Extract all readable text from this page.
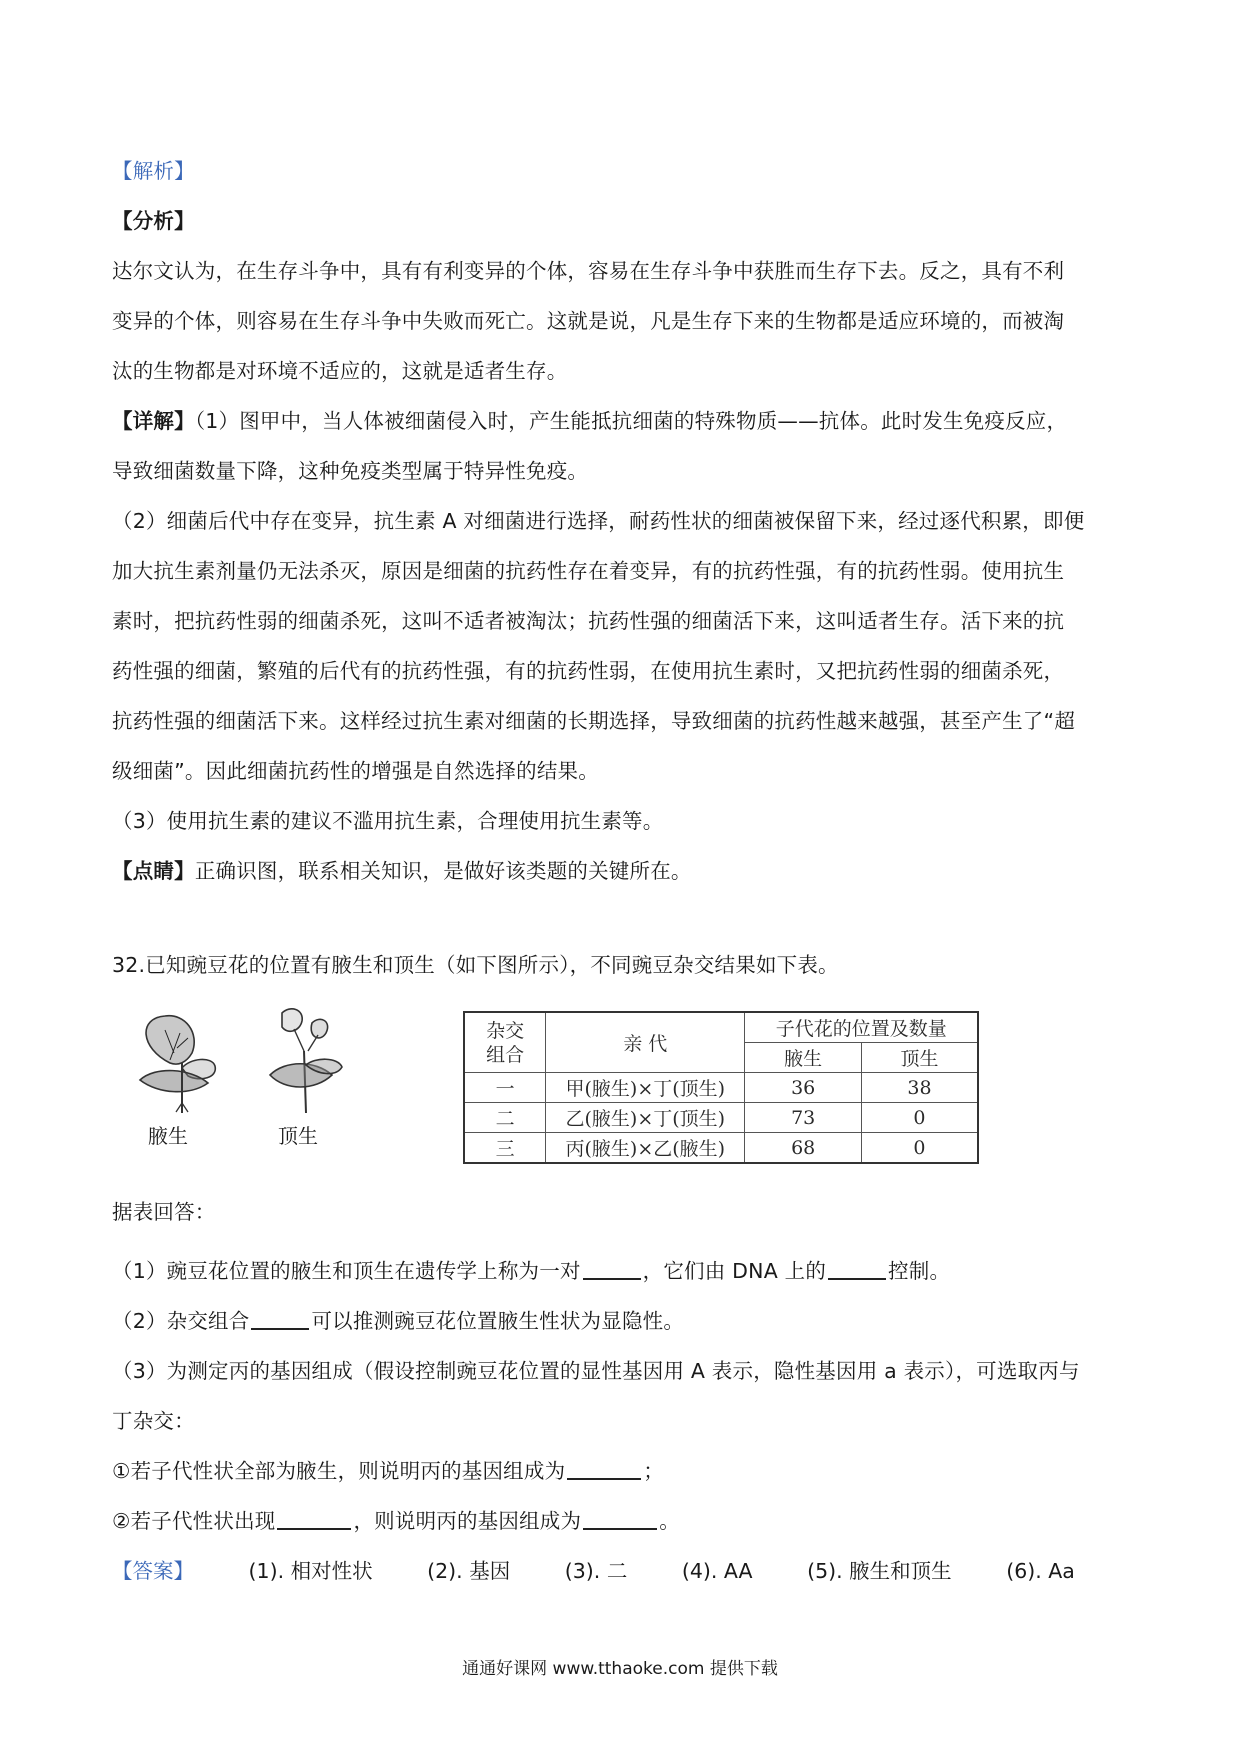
【解析】
【分析】
达尔文认为，在生存斗争中，具有有利变异的个体，容易在生存斗争中获胜而生存下去。反之，具有不利
变异的个体，则容易在生存斗争中失败而死亡。这就是说，凡是生存下来的生物都是适应环境的，而被淘
汰的生物都是对环境不适应的，这就是适者生存。
【详解】（1）图甲中，当人体被细菌侵入时，产生能抵抗细菌的特殊物质——抗体。此时发生免疫反应，
导致细菌数量下降，这种免疫类型属于特异性免疫。
（2）细菌后代中存在变异，抗生素 A 对细菌进行选择，耐药性状的细菌被保留下来，经过逐代积累，即便
加大抗生素剂量仍无法杀灭，原因是细菌的抗药性存在着变异，有的抗药性强，有的抗药性弱。使用抗生
素时，把抗药性弱的细菌杀死，这叫不适者被淘汰；抗药性强的细菌活下来，这叫适者生存。活下来的抗
药性强的细菌，繁殖的后代有的抗药性强，有的抗药性弱，在使用抗生素时，又把抗药性弱的细菌杀死，
抗药性强的细菌活下来。这样经过抗生素对细菌的长期选择，导致细菌的抗药性越来越强，甚至产生了“超
级细菌”。因此细菌抗药性的增强是自然选择的结果。
（3）使用抗生素的建议不滥用抗生素，合理使用抗生素等。
【点睛】正确识图，联系相关知识，是做好该类题的关键所在。
32.已知豌豆花的位置有腋生和顶生（如下图所示），不同豌豆杂交结果如下表。
腋生	顶生
杂交
组合	亲 代	子代花的位置及数量	
		腋生	顶生
一	甲(腋生)×丁(顶生)	36	38
二	乙(腋生)×丁(顶生)	73	0
三	丙(腋生)×乙(腋生)	68	0
据表回答：
（1）豌豆花位置的腋生和顶生在遗传学上称为一对	，它们由 DNA 上的	控制。
（2）杂交组合	可以推测豌豆花位置腋生性状为显隐性。
（3）为测定丙的基因组成（假设控制豌豆花位置的显性基因用 A 表示，隐性基因用 a 表示），可选取丙与
丁杂交：
①若子代性状全部为腋生，则说明丙的基因组成为	；
②若子代性状出现	，则说明丙的基因组成为	。
【答案】	(1). 相对性状	(2). 基因	(3). 二	(4). AA	(5). 腋生和顶生	(6). Aa
通通好课网 www.tthaoke.com 提供下载
